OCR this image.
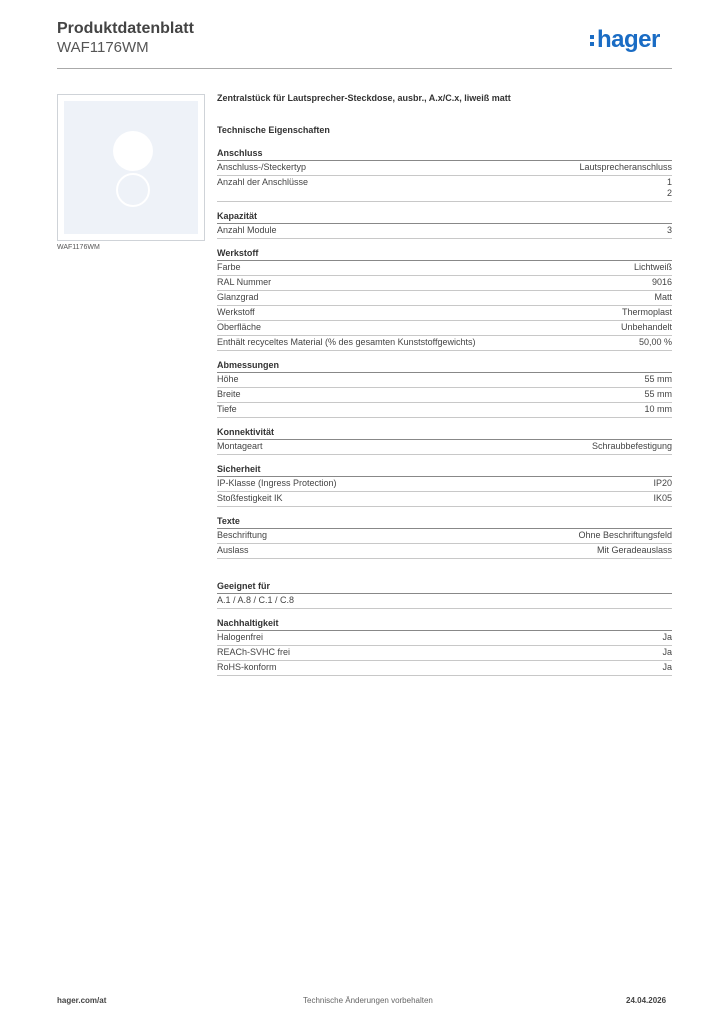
Produktdatenblatt
WAF1176WM	hager
WAF1176WM
Zentralstück für Lautsprecher-Steckdose, ausbr., A.x/C.x, liweiß matt
Technische Eigenschaften
Anschluss
Anschluss-/Steckertyp	Lautsprecheranschluss
Anzahl der Anschlüsse	1
2
Kapazität
Anzahl Module	3
Werkstoff
Farbe	Lichtweiß
RAL Nummer	9016
Glanzgrad	Matt
Werkstoff	Thermoplast
Oberfläche	Unbehandelt
Enthält recyceltes Material (% des gesamten Kunststoffgewichts)	50,00 %
Abmessungen
Höhe	55 mm
Breite	55 mm
Tiefe	10 mm
Konnektivität
Montageart	Schraubbefestigung
Sicherheit
IP-Klasse (Ingress Protection)	IP20
Stoßfestigkeit IK	IK05
Texte
Beschriftung	Ohne Beschriftungsfeld
Auslass	Mit Geradeauslass
Geeignet für
A.1 / A.8 / C.1 / C.8
Nachhaltigkeit
Halogenfrei	Ja
REACh-SVHC frei	Ja
RoHS-konform	Ja
hager.com/at	Technische Änderungen vorbehalten	24.04.2026
